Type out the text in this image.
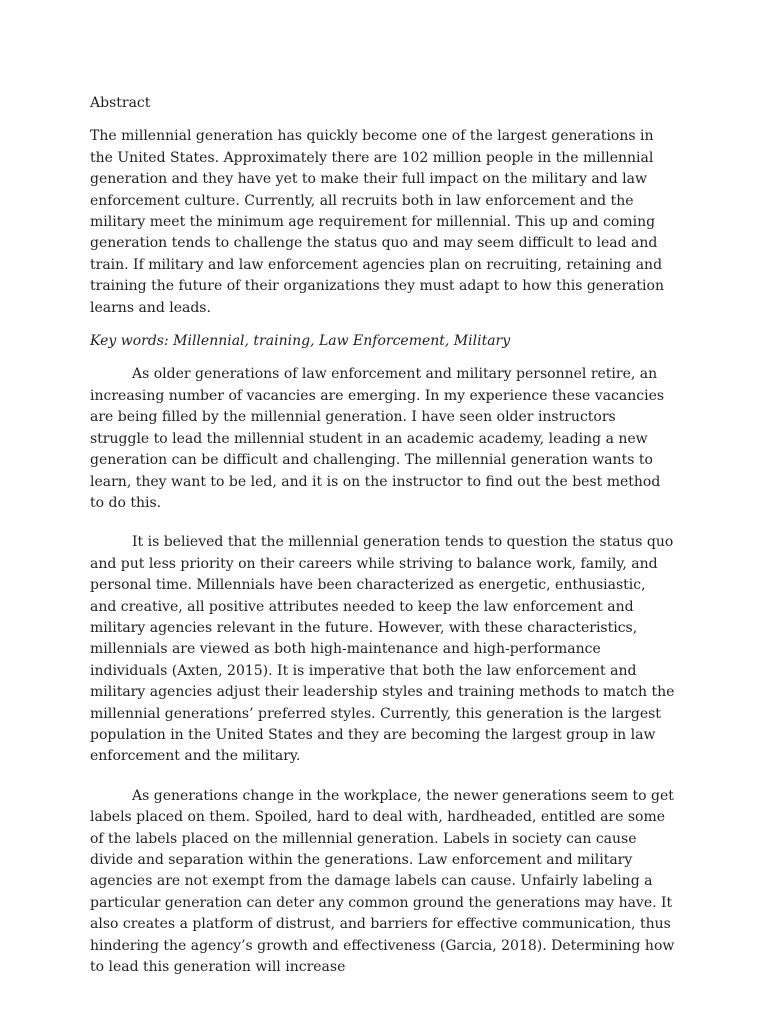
Abstract

The millennial generation has quickly become one of the largest generations in the United States. Approximately there are 102 million people in the millennial generation and they have yet to make their full impact on the military and law enforcement culture. Currently, all recruits both in law enforcement and the military meet the minimum age requirement for millennial. This up and coming generation tends to challenge the status quo and may seem difficult to lead and train. If military and law enforcement agencies plan on recruiting, retaining and training the future of their organizations they must adapt to how this generation learns and leads.

Key words: Millennial, training, Law Enforcement, Military

As older generations of law enforcement and military personnel retire, an increasing number of vacancies are emerging. In my experience these vacancies are being filled by the millennial generation. I have seen older instructors struggle to lead the millennial student in an academic academy, leading a new generation can be difficult and challenging. The millennial generation wants to learn, they want to be led, and it is on the instructor to find out the best method to do this.

It is believed that the millennial generation tends to question the status quo and put less priority on their careers while striving to balance work, family, and personal time. Millennials have been characterized as energetic, enthusiastic, and creative, all positive attributes needed to keep the law enforcement and military agencies relevant in the future. However, with these characteristics, millennials are viewed as both high-maintenance and high-performance individuals (Axten, 2015). It is imperative that both the law enforcement and military agencies adjust their leadership styles and training methods to match the millennial generations’ preferred styles. Currently, this generation is the largest population in the United States and they are becoming the largest group in law enforcement and the military.

As generations change in the workplace, the newer generations seem to get labels placed on them. Spoiled, hard to deal with, hardheaded, entitled are some of the labels placed on the millennial generation. Labels in society can cause divide and separation within the generations. Law enforcement and military agencies are not exempt from the damage labels can cause. Unfairly labeling a particular generation can deter any common ground the generations may have. It also creates a platform of distrust, and barriers for effective communication, thus hindering the agency’s growth and effectiveness (Garcia, 2018). Determining how to lead this generation will increase
